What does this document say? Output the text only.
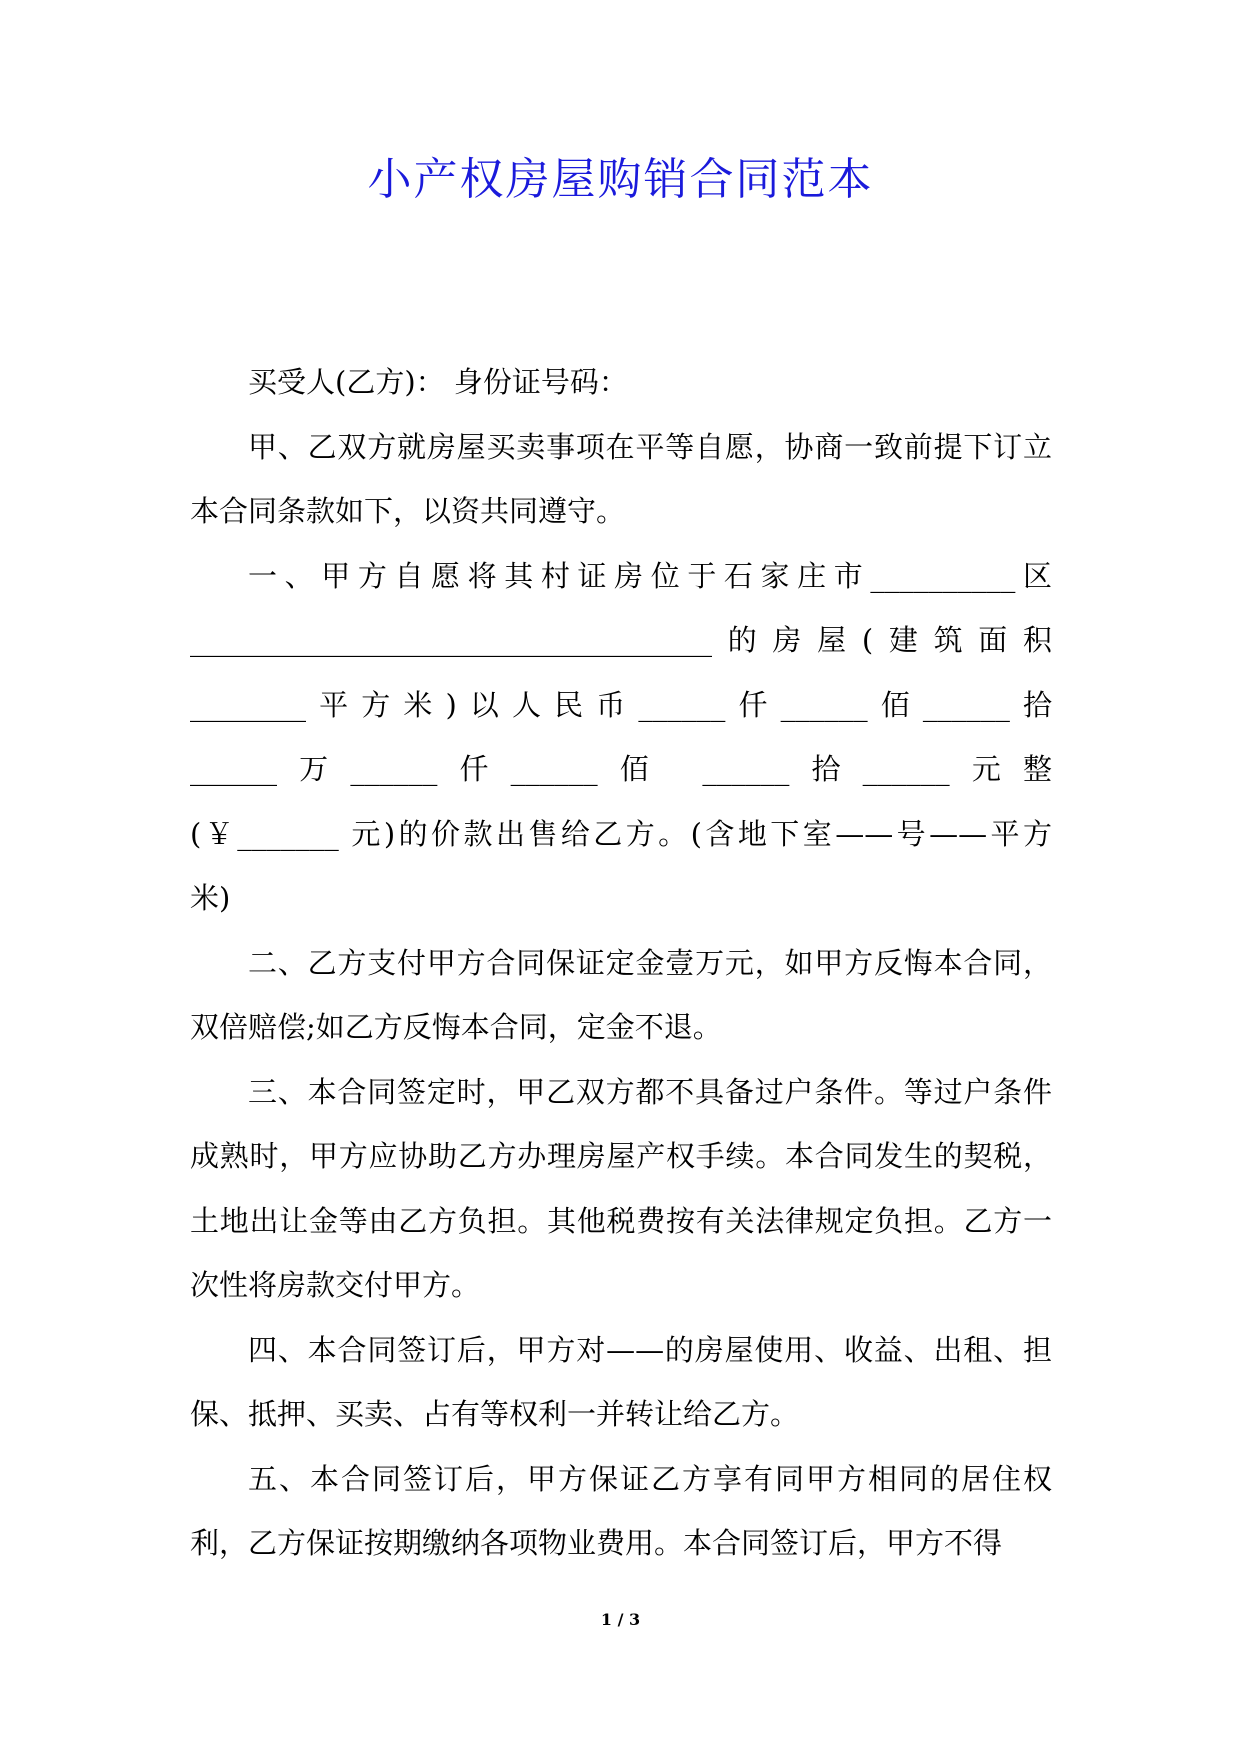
小产权房屋购销合同范本

买受人(乙方)： 身份证号码：

甲、乙双方就房屋买卖事项在平等自愿，协商一致前提下订立本合同条款如下，以资共同遵守。

一、甲方自愿将其村证房位于石家庄市__________区
____________________________________的房屋(建筑面积
________平方米)以人民币______仟______佰______拾
______万______仟______佰 ______拾______元整
(￥_______ 元)的价款出售给乙方。(含地下室——号——平方
米)

二、乙方支付甲方合同保证定金壹万元，如甲方反悔本合同，双倍赔偿;如乙方反悔本合同，定金不退。

三、本合同签定时，甲乙双方都不具备过户条件。等过户条件成熟时，甲方应协助乙方办理房屋产权手续。本合同发生的契税，土地出让金等由乙方负担。其他税费按有关法律规定负担。乙方一次性将房款交付甲方。

四、本合同签订后，甲方对——的房屋使用、收益、出租、担保、抵押、买卖、占有等权利一并转让给乙方。

五、本合同签订后，甲方保证乙方享有同甲方相同的居住权利，乙方保证按期缴纳各项物业费用。本合同签订后，甲方不得

1 / 3
